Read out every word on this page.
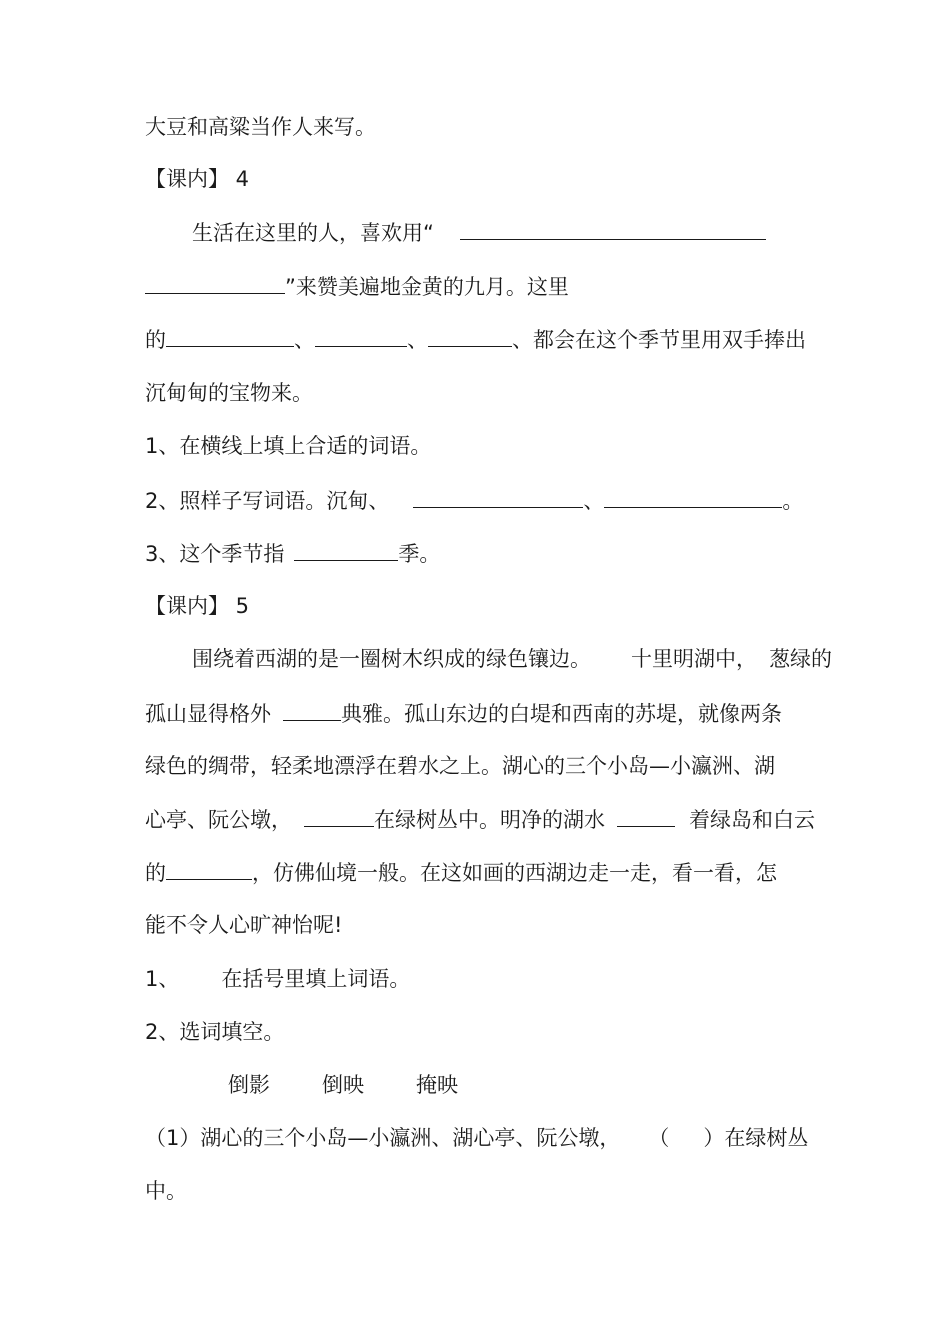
大豆和高粱当作人来写。
【课内】 4
生活在这里的人，喜欢用“
”来赞美遍地金黄的九月。这里
的	、	、	、都会在这个季节里用双手捧出
沉甸甸的宝物来。
1、在横线上填上合适的词语。
2、照样子写词语。沉甸、	、	。
3、这个季节指	季。
【课内】 5
围绕着西湖的是一圈树木织成的绿色镶边。 十里明湖中， 葱绿的
孤山显得格外	典雅。孤山东边的白堤和西南的苏堤，就像两条
绿色的绸带，轻柔地漂浮在碧水之上。湖心的三个小岛—小瀛洲、湖
心亭、阮公墩，	在绿树丛中。明净的湖水	着绿岛和白云
的	，仿佛仙境一般。在这如画的西湖边走一走，看一看，怎
能不令人心旷神怡呢!
1、 在括号里填上词语。
2、选词填空。
倒影 倒映 掩映
（1）湖心的三个小岛—小瀛洲、湖心亭、阮公墩， （ ）在绿树丛
中。
